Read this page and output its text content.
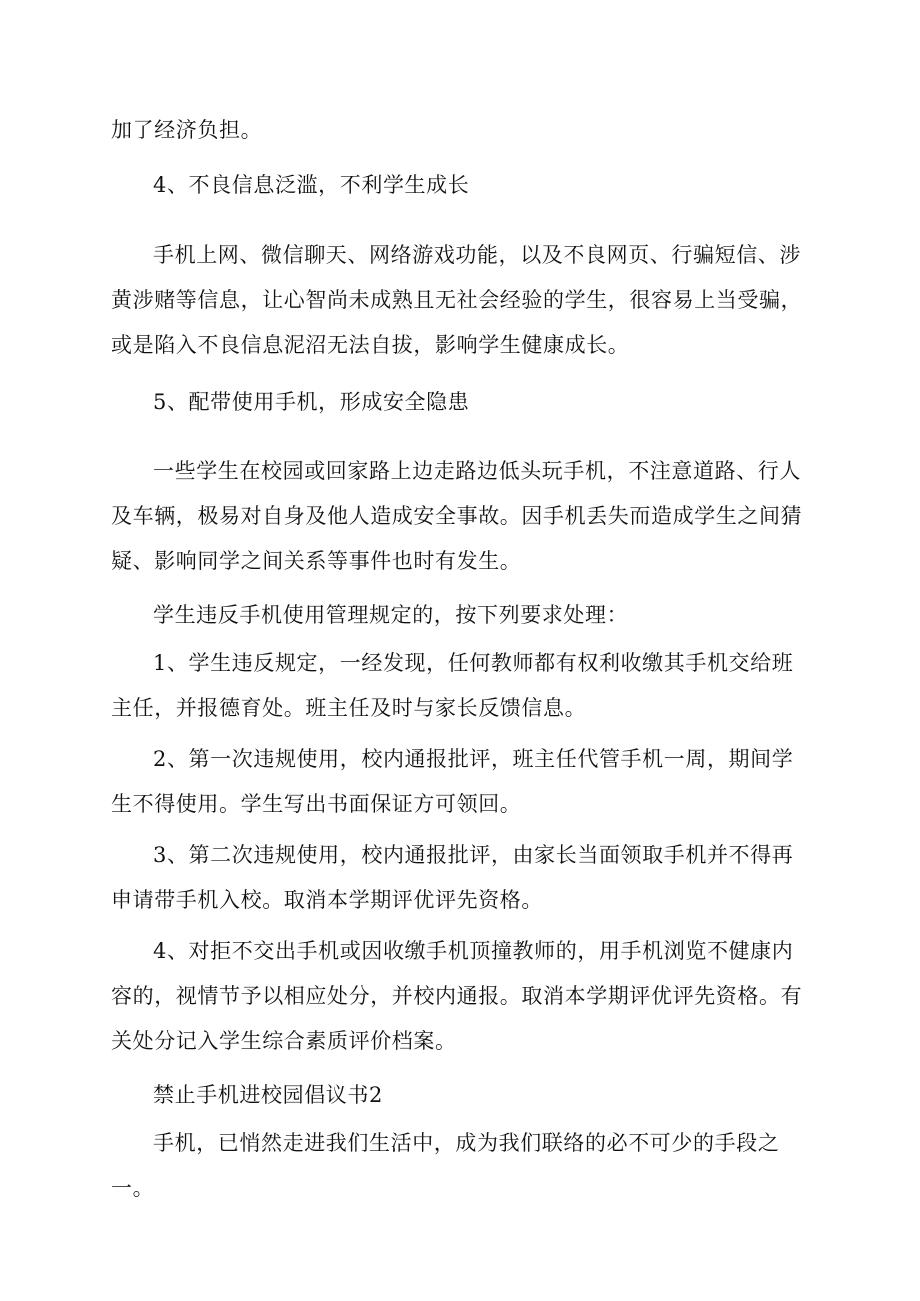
加了经济负担。

4、不良信息泛滥，不利学生成长

手机上网、微信聊天、网络游戏功能，以及不良网页、行骗短信、涉黄涉赌等信息，让心智尚未成熟且无社会经验的学生，很容易上当受骗，或是陷入不良信息泥沼无法自拔，影响学生健康成长。

5、配带使用手机，形成安全隐患

一些学生在校园或回家路上边走路边低头玩手机，不注意道路、行人及车辆，极易对自身及他人造成安全事故。因手机丢失而造成学生之间猜疑、影响同学之间关系等事件也时有发生。

学生违反手机使用管理规定的，按下列要求处理：

1、学生违反规定，一经发现，任何教师都有权利收缴其手机交给班主任，并报德育处。班主任及时与家长反馈信息。

2、第一次违规使用，校内通报批评，班主任代管手机一周，期间学生不得使用。学生写出书面保证方可领回。

3、第二次违规使用，校内通报批评，由家长当面领取手机并不得再申请带手机入校。取消本学期评优评先资格。

4、对拒不交出手机或因收缴手机顶撞教师的，用手机浏览不健康内容的，视情节予以相应处分，并校内通报。取消本学期评优评先资格。有关处分记入学生综合素质评价档案。

禁止手机进校园倡议书2

手机，已悄然走进我们生活中，成为我们联络的必不可少的手段之一。
